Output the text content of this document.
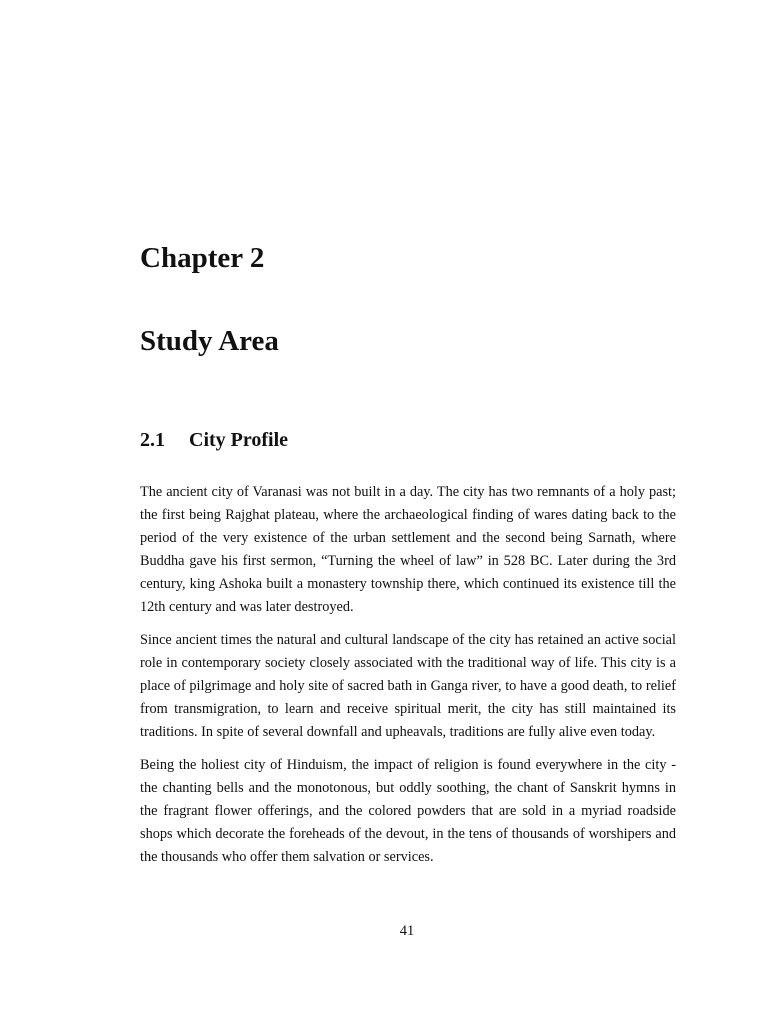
Chapter 2
Study Area
2.1 City Profile

The ancient city of Varanasi was not built in a day. The city has two remnants of a holy past; the first being Rajghat plateau, where the archaeological finding of wares dating back to the period of the very existence of the urban settlement and the second being Sarnath, where Buddha gave his first sermon, “Turning the wheel of law” in 528 BC. Later during the 3rd century, king Ashoka built a monastery township there, which continued its existence till the 12th century and was later destroyed.

Since ancient times the natural and cultural landscape of the city has retained an active social role in contemporary society closely associated with the traditional way of life. This city is a place of pilgrimage and holy site of sacred bath in Ganga river, to have a good death, to relief from transmigration, to learn and receive spiritual merit, the city has still maintained its traditions. In spite of several downfall and upheavals, traditions are fully alive even today.

Being the holiest city of Hinduism, the impact of religion is found everywhere in the city - the chanting bells and the monotonous, but oddly soothing, the chant of Sanskrit hymns in the fragrant flower offerings, and the colored powders that are sold in a myriad roadside shops which decorate the foreheads of the devout, in the tens of thousands of worshipers and the thousands who offer them salvation or services.

41
